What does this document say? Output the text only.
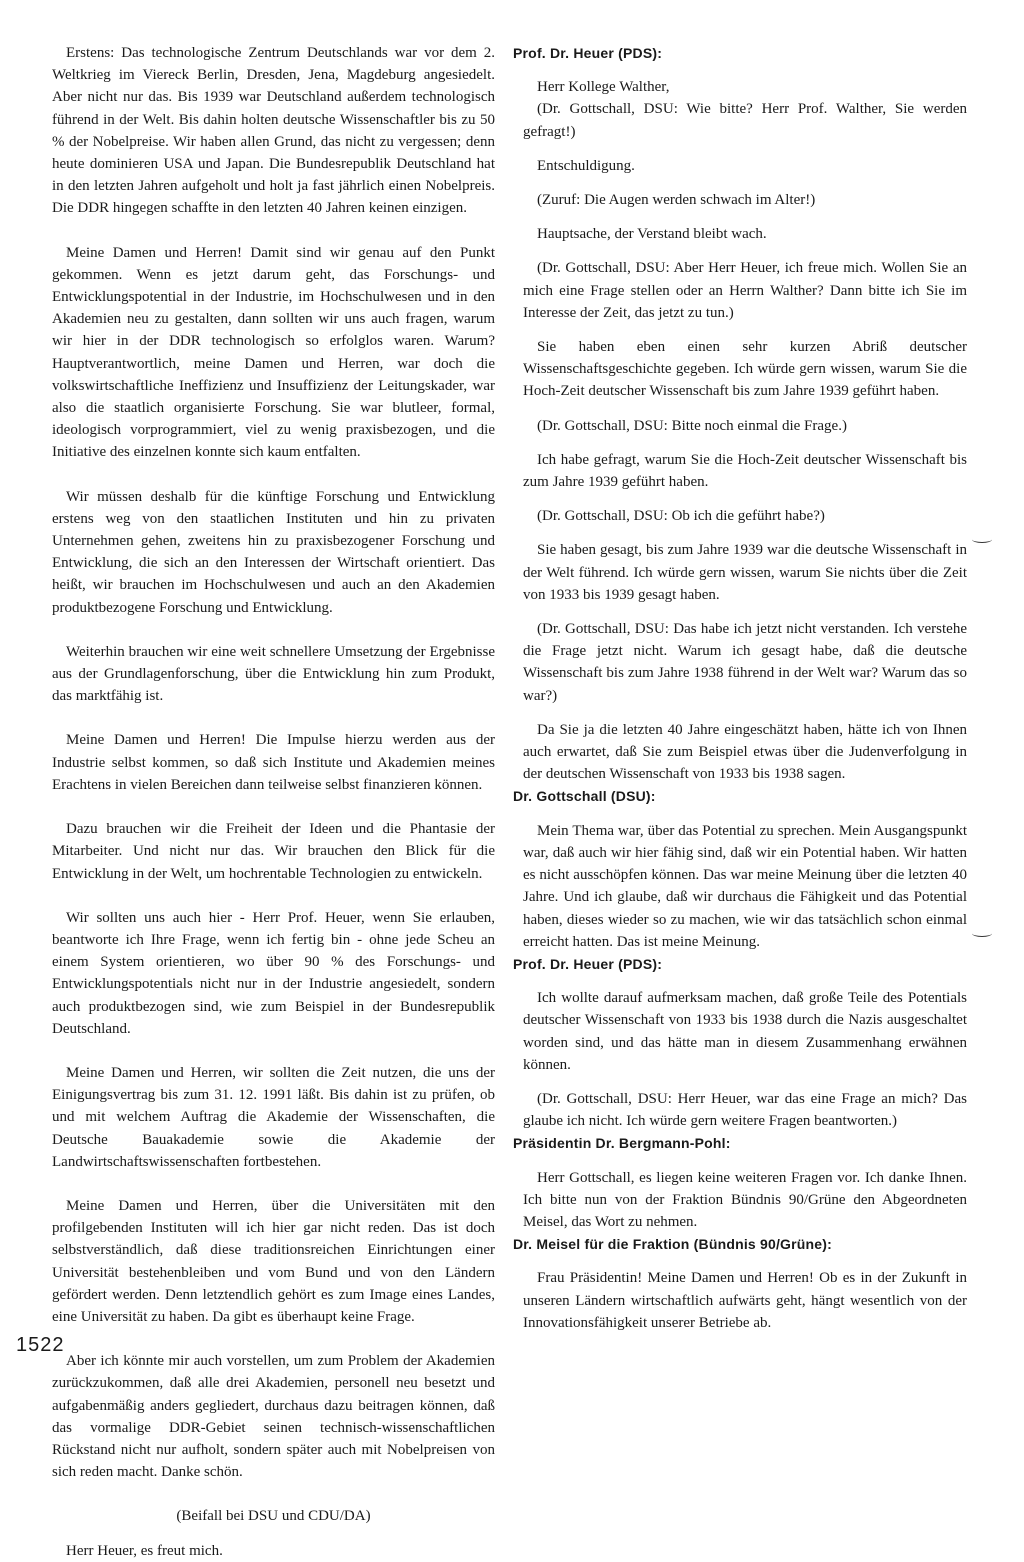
Erstens: Das technologische Zentrum Deutschlands war vor dem 2. Weltkrieg im Viereck Berlin, Dresden, Jena, Magdeburg angesiedelt. Aber nicht nur das. Bis 1939 war Deutschland außerdem technologisch führend in der Welt. Bis dahin holten deutsche Wissenschaftler bis zu 50 % der Nobelpreise. Wir haben allen Grund, das nicht zu vergessen; denn heute dominieren USA und Japan. Die Bundesrepublik Deutschland hat in den letzten Jahren aufgeholt und holt ja fast jährlich einen Nobelpreis. Die DDR hingegen schaffte in den letzten 40 Jahren keinen einzigen.

Meine Damen und Herren! Damit sind wir genau auf den Punkt gekommen. Wenn es jetzt darum geht, das Forschungs- und Entwicklungspotential in der Industrie, im Hochschulwesen und in den Akademien neu zu gestalten, dann sollten wir uns auch fragen, warum wir hier in der DDR technologisch so erfolglos waren. Warum? Hauptverantwortlich, meine Damen und Herren, war doch die volkswirtschaftliche Ineffizienz und Insuffizienz der Leitungskader, war also die staatlich organisierte Forschung. Sie war blutleer, formal, ideologisch vorprogrammiert, viel zu wenig praxisbezogen, und die Initiative des einzelnen konnte sich kaum entfalten.

Wir müssen deshalb für die künftige Forschung und Entwicklung erstens weg von den staatlichen Instituten und hin zu privaten Unternehmen gehen, zweitens hin zu praxisbezogener Forschung und Entwicklung, die sich an den Interessen der Wirtschaft orientiert. Das heißt, wir brauchen im Hochschulwesen und auch an den Akademien produktbezogene Forschung und Entwicklung.

Weiterhin brauchen wir eine weit schnellere Umsetzung der Ergebnisse aus der Grundlagenforschung, über die Entwicklung hin zum Produkt, das marktfähig ist.

Meine Damen und Herren! Die Impulse hierzu werden aus der Industrie selbst kommen, so daß sich Institute und Akademien meines Erachtens in vielen Bereichen dann teilweise selbst finanzieren können.

Dazu brauchen wir die Freiheit der Ideen und die Phantasie der Mitarbeiter. Und nicht nur das. Wir brauchen den Blick für die Entwicklung in der Welt, um hochrentable Technologien zu entwickeln.

Wir sollten uns auch hier - Herr Prof. Heuer, wenn Sie erlauben, beantworte ich Ihre Frage, wenn ich fertig bin - ohne jede Scheu an einem System orientieren, wo über 90 % des Forschungs- und Entwicklungspotentials nicht nur in der Industrie angesiedelt, sondern auch produktbezogen sind, wie zum Beispiel in der Bundesrepublik Deutschland.

Meine Damen und Herren, wir sollten die Zeit nutzen, die uns der Einigungsvertrag bis zum 31. 12. 1991 läßt. Bis dahin ist zu prüfen, ob und mit welchem Auftrag die Akademie der Wissenschaften, die Deutsche Bauakademie sowie die Akademie der Landwirtschaftswissenschaften fortbestehen.

Meine Damen und Herren, über die Universitäten mit den profilgebenden Instituten will ich hier gar nicht reden. Das ist doch selbstverständlich, daß diese traditionsreichen Einrichtungen einer Universität bestehenbleiben und vom Bund und von den Ländern gefördert werden. Denn letztendlich gehört es zum Image eines Landes, eine Universität zu haben. Da gibt es überhaupt keine Frage.

Aber ich könnte mir auch vorstellen, um zum Problem der Akademien zurückzukommen, daß alle drei Akademien, personell neu besetzt und aufgabenmäßig anders gegliedert, durchaus dazu beitragen können, daß das vormalige DDR-Gebiet seinen technisch-wissenschaftlichen Rückstand nicht nur aufholt, sondern später auch mit Nobelpreisen von sich reden macht. Danke schön.

(Beifall bei DSU und CDU/DA)

Herr Heuer, es freut mich.

Prof. Dr. Heuer (PDS):

Herr Kollege Walther,

(Dr. Gottschall, DSU: Wie bitte? Herr Prof. Walther, Sie werden gefragt!)

Entschuldigung.

(Zuruf: Die Augen werden schwach im Alter!)

Hauptsache, der Verstand bleibt wach.

(Dr. Gottschall, DSU: Aber Herr Heuer, ich freue mich. Wollen Sie an mich eine Frage stellen oder an Herrn Walther? Dann bitte ich Sie im Interesse der Zeit, das jetzt zu tun.)

Sie haben eben einen sehr kurzen Abriß deutscher Wissenschaftsgeschichte gegeben. Ich würde gern wissen, warum Sie die Hoch-Zeit deutscher Wissenschaft bis zum Jahre 1939 geführt haben.

(Dr. Gottschall, DSU: Bitte noch einmal die Frage.)

Ich habe gefragt, warum Sie die Hoch-Zeit deutscher Wissenschaft bis zum Jahre 1939 geführt haben.

(Dr. Gottschall, DSU: Ob ich die geführt habe?)

Sie haben gesagt, bis zum Jahre 1939 war die deutsche Wissenschaft in der Welt führend. Ich würde gern wissen, warum Sie nichts über die Zeit von 1933 bis 1939 gesagt haben.

(Dr. Gottschall, DSU: Das habe ich jetzt nicht verstanden. Ich verstehe die Frage jetzt nicht. Warum ich gesagt habe, daß die deutsche Wissenschaft bis zum Jahre 1938 führend in der Welt war? Warum das so war?)

Da Sie ja die letzten 40 Jahre eingeschätzt haben, hätte ich von Ihnen auch erwartet, daß Sie zum Beispiel etwas über die Judenverfolgung in der deutschen Wissenschaft von 1933 bis 1938 sagen.

Dr. Gottschall (DSU):

Mein Thema war, über das Potential zu sprechen. Mein Ausgangspunkt war, daß auch wir hier fähig sind, daß wir ein Potential haben. Wir hatten es nicht ausschöpfen können. Das war meine Meinung über die letzten 40 Jahre. Und ich glaube, daß wir durchaus die Fähigkeit und das Potential haben, dieses wieder so zu machen, wie wir das tatsächlich schon einmal erreicht hatten. Das ist meine Meinung.

Prof. Dr. Heuer (PDS):

Ich wollte darauf aufmerksam machen, daß große Teile des Potentials deutscher Wissenschaft von 1933 bis 1938 durch die Nazis ausgeschaltet worden sind, und das hätte man in diesem Zusammenhang erwähnen können.

(Dr. Gottschall, DSU: Herr Heuer, war das eine Frage an mich? Das glaube ich nicht. Ich würde gern weitere Fragen beantworten.)

Präsidentin Dr. Bergmann-Pohl:

Herr Gottschall, es liegen keine weiteren Fragen vor. Ich danke Ihnen. Ich bitte nun von der Fraktion Bündnis 90/Grüne den Abgeordneten Meisel, das Wort zu nehmen.

Dr. Meisel für die Fraktion (Bündnis 90/Grüne):

Frau Präsidentin! Meine Damen und Herren! Ob es in der Zukunft in unseren Ländern wirtschaftlich aufwärts geht, hängt wesentlich von der Innovationsfähigkeit unserer Betriebe ab.

1522
